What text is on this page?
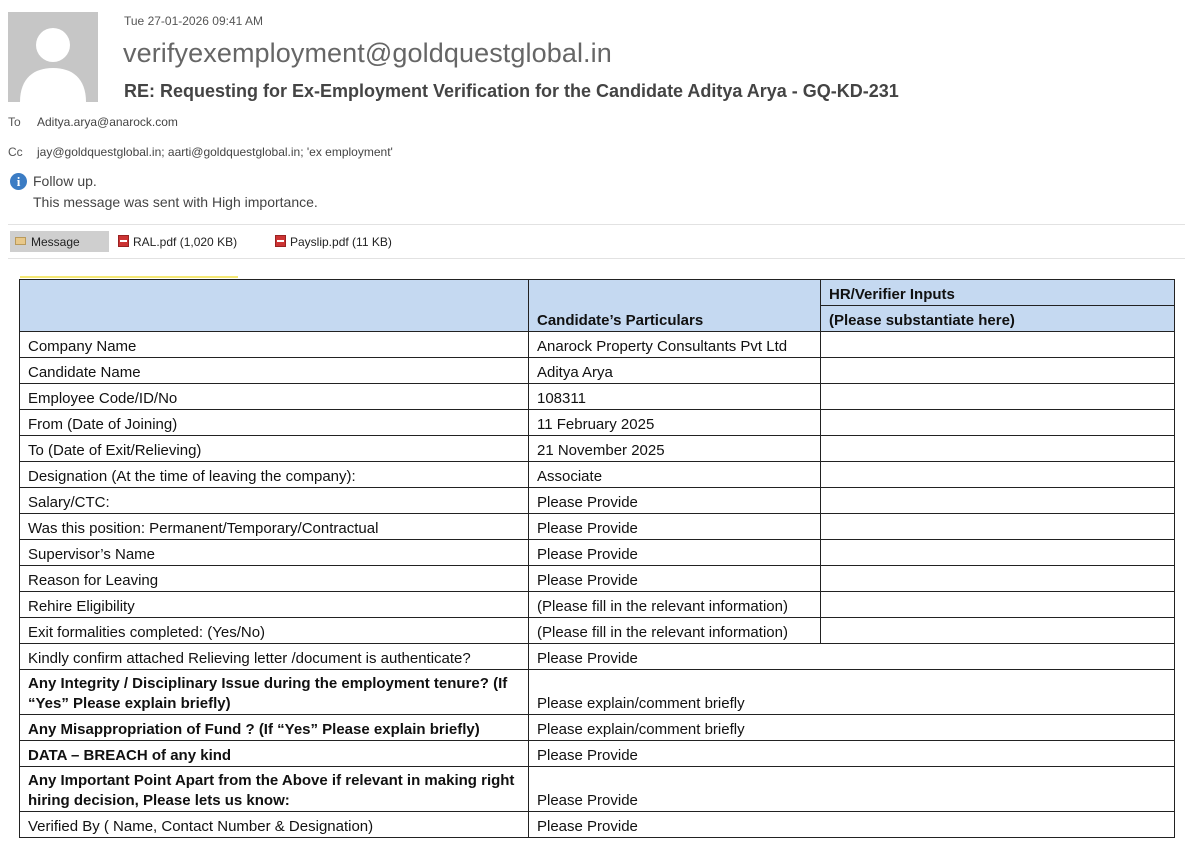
Tue 27-01-2026 09:41 AM
verifyexemployment@goldquestglobal.in
RE: Requesting for Ex-Employment Verification for the Candidate Aditya Arya - GQ-KD-231
To Aditya.arya@anarock.com
Cc jay@goldquestglobal.in; aarti@goldquestglobal.in; 'ex employment'
i Follow up.
This message was sent with High importance.
Message	RAL.pdf (1,020 KB)	Payslip.pdf (11 KB)
	Candidate’s Particulars	HR/Verifier Inputs
		(Please substantiate here)
Company Name	Anarock Property Consultants Pvt Ltd	
Candidate Name	Aditya Arya	
Employee Code/ID/No	108311	
From (Date of Joining)	11 February 2025	
To (Date of Exit/Relieving)	21 November 2025	
Designation (At the time of leaving the company):	Associate	
Salary/CTC:	Please Provide	
Was this position: Permanent/Temporary/Contractual	Please Provide	
Supervisor’s Name	Please Provide	
Reason for Leaving	Please Provide	
Rehire Eligibility	(Please fill in the relevant information)	
Exit formalities completed: (Yes/No)	(Please fill in the relevant information)	
Kindly confirm attached Relieving letter /document is authenticate?	Please Provide	
Any Integrity / Disciplinary Issue during the employment tenure? (If “Yes” Please explain briefly)	Please explain/comment briefly	
Any Misappropriation of Fund ? (If “Yes” Please explain briefly)	Please explain/comment briefly	
DATA – BREACH of any kind	Please Provide	
Any Important Point Apart from the Above if relevant in making right hiring decision, Please lets us know:	Please Provide	
Verified By ( Name, Contact Number & Designation)	Please Provide	
